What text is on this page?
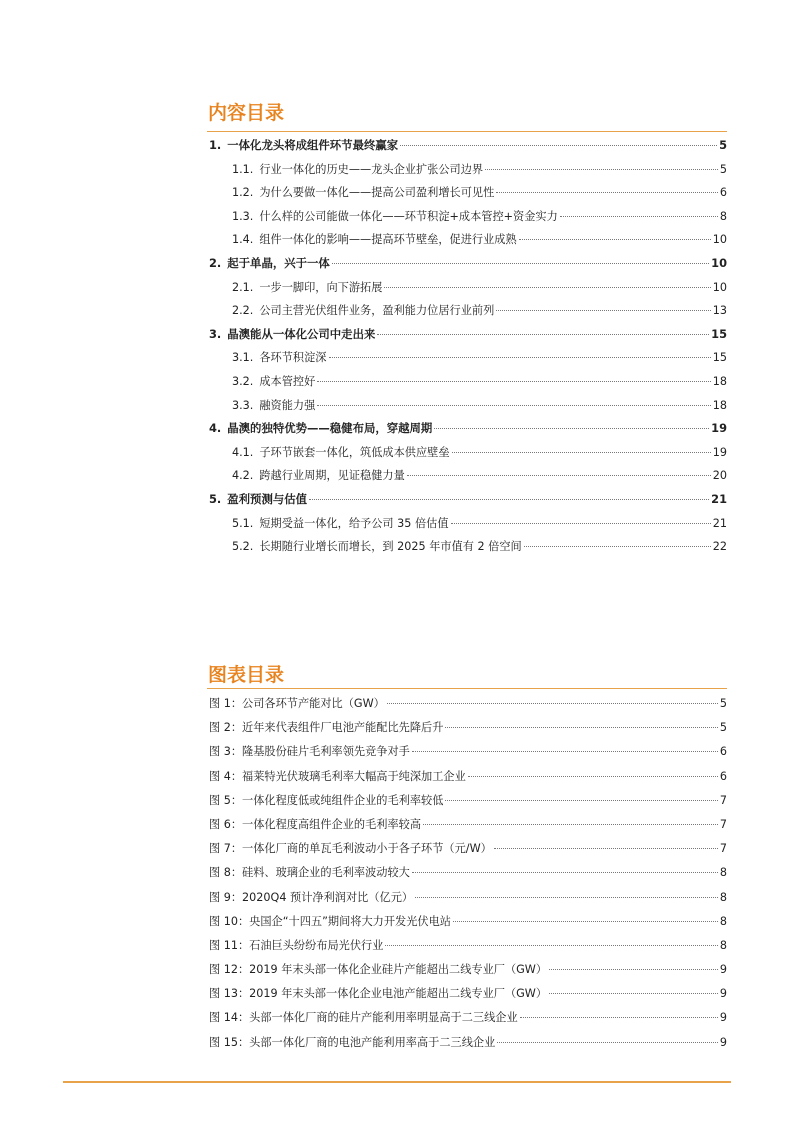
内容目录
1. 一体化龙头将成组件环节最终赢家	5
1.1. 行业一体化的历史——龙头企业扩张公司边界	5
1.2. 为什么要做一体化——提高公司盈利增长可见性	6
1.3. 什么样的公司能做一体化——环节积淀+成本管控+资金实力	8
1.4. 组件一体化的影响——提高环节壁垒，促进行业成熟	10
2. 起于单晶，兴于一体	10
2.1. 一步一脚印，向下游拓展	10
2.2. 公司主营光伏组件业务，盈利能力位居行业前列	13
3. 晶澳能从一体化公司中走出来	15
3.1. 各环节积淀深	15
3.2. 成本管控好	18
3.3. 融资能力强	18
4. 晶澳的独特优势——稳健布局，穿越周期	19
4.1. 子环节嵌套一体化，筑低成本供应壁垒	19
4.2. 跨越行业周期，见证稳健力量	20
5. 盈利预测与估值	21
5.1. 短期受益一体化，给予公司 35 倍估值	21
5.2. 长期随行业增长而增长，到 2025 年市值有 2 倍空间	22
图表目录
图 1：公司各环节产能对比（GW）	5
图 2：近年来代表组件厂电池产能配比先降后升	5
图 3：隆基股份硅片毛利率领先竞争对手	6
图 4：福莱特光伏玻璃毛利率大幅高于纯深加工企业	6
图 5：一体化程度低或纯组件企业的毛利率较低	7
图 6：一体化程度高组件企业的毛利率较高	7
图 7：一体化厂商的单瓦毛利波动小于各子环节（元/W）	7
图 8：硅料、玻璃企业的毛利率波动较大	8
图 9：2020Q4 预计净利润对比（亿元）	8
图 10：央国企“十四五”期间将大力开发光伏电站	8
图 11：石油巨头纷纷布局光伏行业	8
图 12：2019 年末头部一体化企业硅片产能超出二线专业厂（GW）	9
图 13：2019 年末头部一体化企业电池产能超出二线专业厂（GW）	9
图 14：头部一体化厂商的硅片产能利用率明显高于二三线企业	9
图 15：头部一体化厂商的电池产能利用率高于二三线企业	9
